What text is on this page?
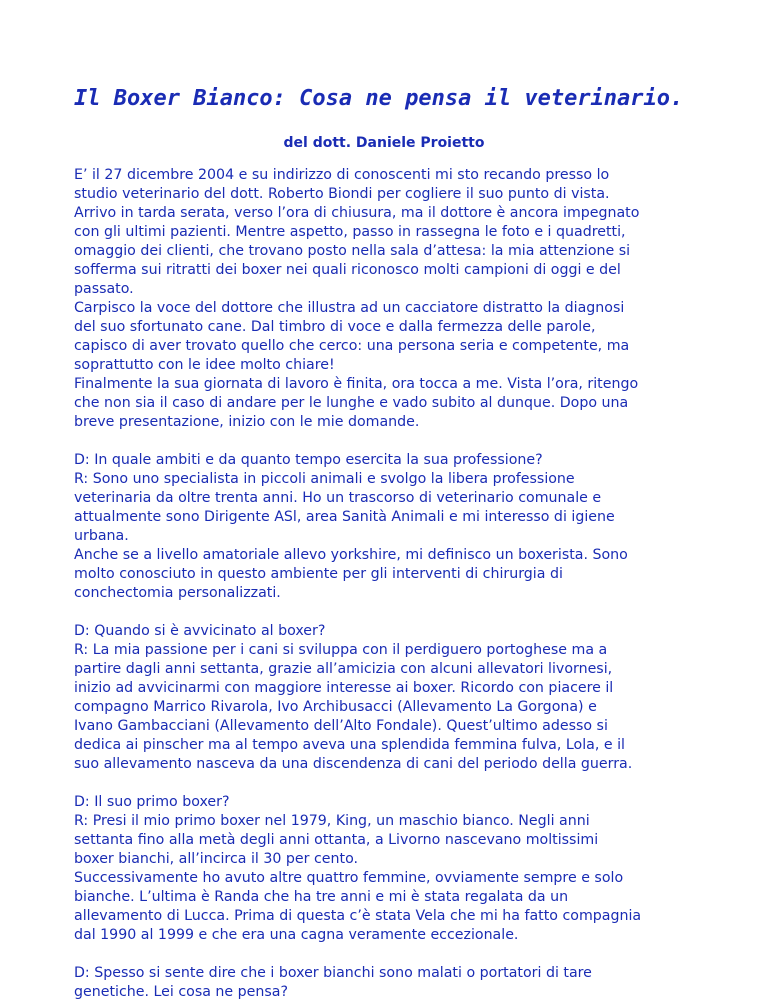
Il Boxer Bianco: Cosa ne pensa il veterinario.
del dott. Daniele Proietto
E’ il 27 dicembre 2004 e su indirizzo di conoscenti mi sto recando presso lo
studio veterinario del dott. Roberto Biondi per cogliere il suo punto di vista.
Arrivo in tarda serata, verso l’ora di chiusura, ma il dottore è ancora impegnato
con gli ultimi pazienti. Mentre aspetto, passo in rassegna le foto e i quadretti,
omaggio dei clienti, che trovano posto nella sala d’attesa: la mia attenzione si
sofferma sui ritratti dei boxer nei quali riconosco molti campioni di oggi e del
passato.
Carpisco la voce del dottore che illustra ad un cacciatore distratto la diagnosi
del suo sfortunato cane. Dal timbro di voce e dalla fermezza delle parole,
capisco di aver trovato quello che cerco: una persona seria e competente, ma
soprattutto con le idee molto chiare!
Finalmente la sua giornata di lavoro è finita, ora tocca a me. Vista l’ora, ritengo
che non sia il caso di andare per le lunghe e vado subito al dunque. Dopo una
breve presentazione, inizio con le mie domande.
D: In quale ambiti e da quanto tempo esercita la sua professione?
R: Sono uno specialista in piccoli animali e svolgo la libera professione
veterinaria da oltre trenta anni. Ho un trascorso di veterinario comunale e
attualmente sono Dirigente ASl, area Sanità Animali e mi interesso di igiene
urbana.
Anche se a livello amatoriale allevo yorkshire, mi definisco un boxerista. Sono
molto conosciuto in questo ambiente per gli interventi di chirurgia di
conchectomia personalizzati.
D: Quando si è avvicinato al boxer?
R: La mia passione per i cani si sviluppa con il perdiguero portoghese ma a
partire dagli anni settanta, grazie all’amicizia con alcuni allevatori livornesi,
inizio ad avvicinarmi con maggiore interesse ai boxer. Ricordo con piacere il
compagno Marrico Rivarola, Ivo Archibusacci (Allevamento La Gorgona) e
Ivano Gambacciani (Allevamento dell’Alto Fondale). Quest’ultimo adesso si
dedica ai pinscher ma al tempo aveva una splendida femmina fulva, Lola, e il
suo allevamento nasceva da una discendenza di cani del periodo della guerra.
D: Il suo primo boxer?
R: Presi il mio primo boxer nel 1979, King, un maschio bianco. Negli anni
settanta fino alla metà degli anni ottanta, a Livorno nascevano moltissimi
boxer bianchi, all’incirca il 30 per cento.
Successivamente ho avuto altre quattro femmine, ovviamente sempre e solo
bianche. L’ultima è Randa che ha tre anni e mi è stata regalata da un
allevamento di Lucca. Prima di questa c’è stata Vela che mi ha fatto compagnia
dal 1990 al 1999 e che era una cagna veramente eccezionale.
D: Spesso si sente dire che i boxer bianchi sono malati o portatori di tare
genetiche. Lei cosa ne pensa?
